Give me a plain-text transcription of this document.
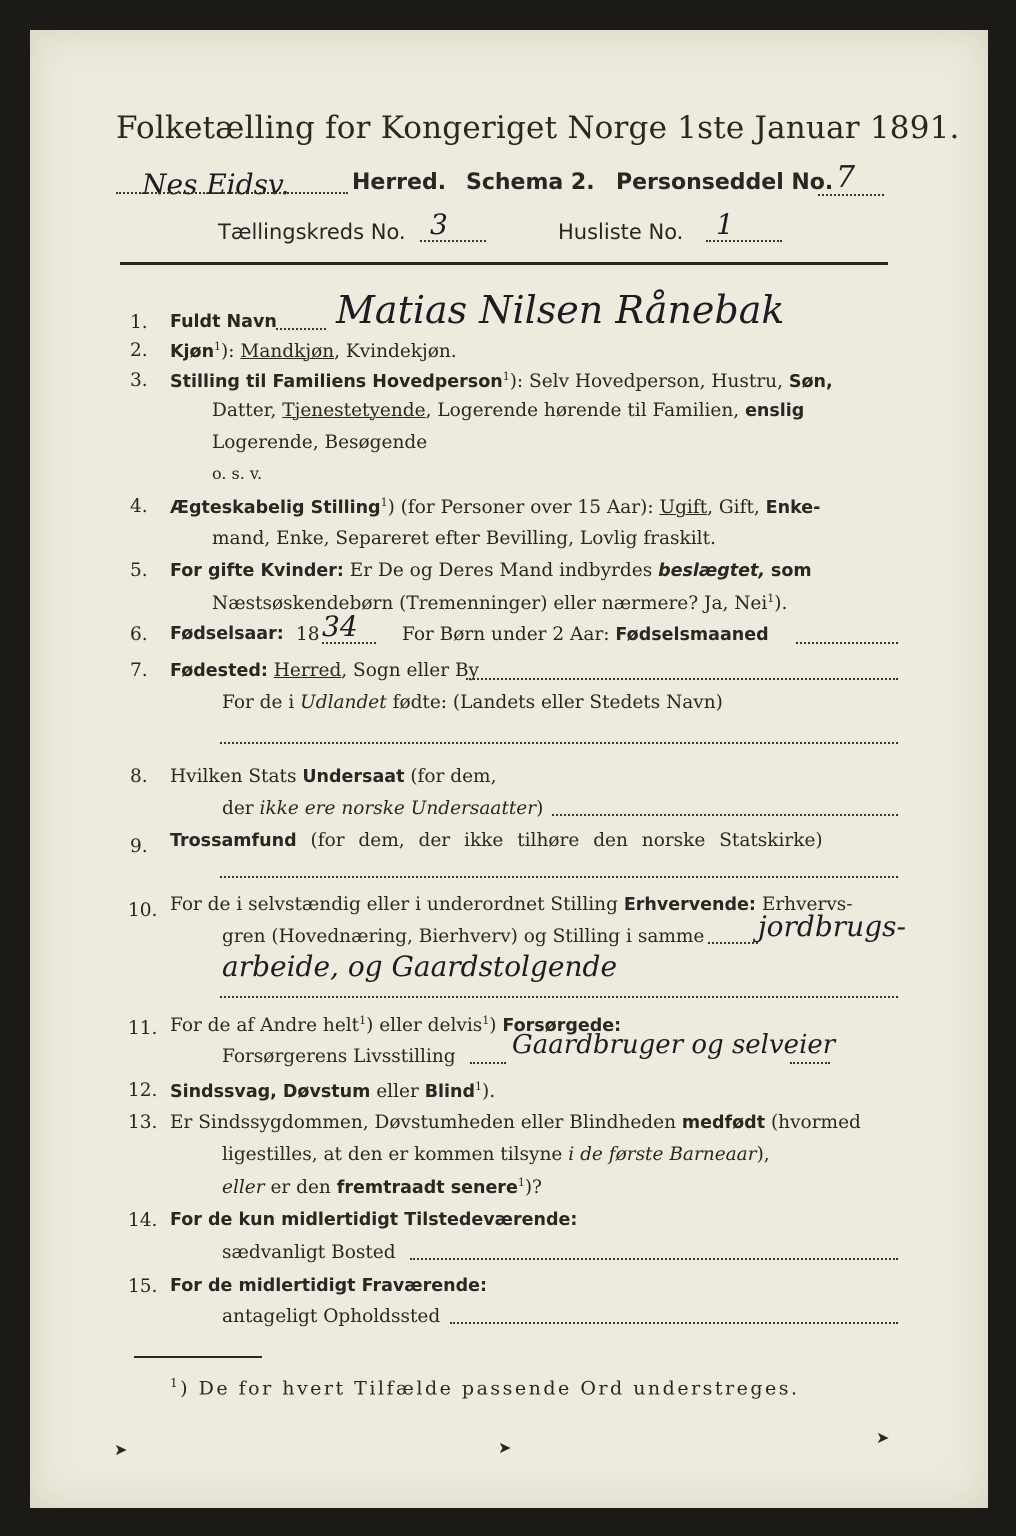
Folketælling for Kongeriget Norge 1ste Januar 1891.
Nes Eidsv.	Herred. Schema 2. Personseddel No. 7
Tællingskreds No. 3	Husliste No. 1
1. Fuldt Navn Matias Nilsen Rånebak
2. Kjøn$^1$): Mandkjøn, Kvindekjøn.
3. Stilling til Familiens Hovedperson$^1$): Selv Hovedperson, Hustru, Søn,
Datter, Tjenestetyende, Logerende hørende til Familien, enslig
Logerende, Besøgende
o. s. v.
4. Ægteskabelig Stilling$^1$) (for Personer over 15 Aar): Ugift, Gift, Enke-
mand, Enke, Separeret efter Bevilling, Lovlig fraskilt.
5. For gifte Kvinder: Er De og Deres Mand indbyrdes beslægtet, som
Næstsøskendebørn (Tremenninger) eller nærmere? Ja, Nei$^1$).
6. Fødselsaar: 18 34 For Børn under 2 Aar: Fødselsmaaned
7. Fødested: Herred, Sogn eller By
For de i Udlandet fødte: (Landets eller Stedets Navn)
8. Hvilken Stats Undersaat (for dem,
der ikke ere norske Undersaatter)
9. Trossamfund (for dem, der ikke tilhøre den norske Statskirke)
10. For de i selvstændig eller i underordnet Stilling Erhvervende: Erhvervs-
gren (Hovednæring, Bierhverv) og Stilling i samme jordbrugs-
arbeide, og Gaardstolgende
11. For de af Andre helt$^1$) eller delvis$^1$) Forsørgede:
Forsørgerens Livsstilling Gaardbruger og selveier
12. Sindssvag, Døvstum eller Blind$^1$).
13. Er Sindssygdommen, Døvstumheden eller Blindheden medfødt (hvormed
ligestilles, at den er kommen tilsyne i de første Barneaar),
eller er den fremtraadt senere$^1$)?
14. For de kun midlertidigt Tilstedeværende:
sædvanligt Bosted
15. For de midlertidigt Fraværende:
antageligt Opholdssted
$^1$) De for hvert Tilfælde passende Ord understreges.
➤	➤
➤
